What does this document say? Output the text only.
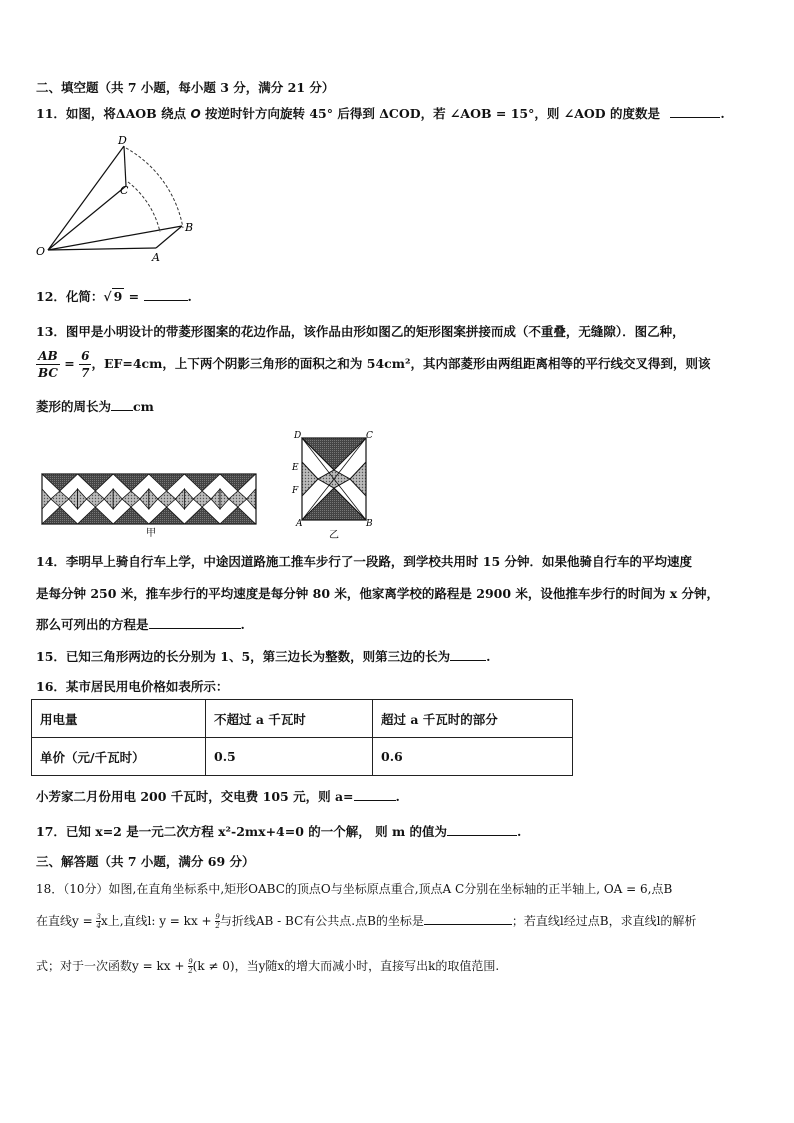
二、填空题（共 7 小题，每小题 3 分，满分 21 分）
11．如图，将ΔAOB 绕点 O 按逆时针方向旋转 45° 后得到 ΔCOD，若 ∠AOB = 15°，则 ∠AOD 的度数是	.
D
C
B
O	A
12．化简：√ 9 =	.
13．图甲是小明设计的带菱形图案的花边作品，该作品由形如图乙的矩形图案拼接而成（不重叠，无缝隙）．图乙种，
$\frac{AB}{BC} = \frac{6}{7}$ ，EF=4cm，上下两个阴影三角形的面积之和为 54cm²，其内部菱形由两组距离相等的平行线交叉得到，则该
菱形的周长为 cm
甲
D	C
E
F
A	B
乙
14．李明早上骑自行车上学，中途因道路施工推车步行了一段路，到学校共用时 15 分钟．如果他骑自行车的平均速度
是每分钟 250 米，推车步行的平均速度是每分钟 80 米，他家离学校的路程是 2900 米，设他推车步行的时间为 x 分钟，
那么可列出的方程是	.
15．已知三角形两边的长分别为 1、5，第三边长为整数，则第三边的长为	.
16．某市居民用电价格如表所示：
用电量	不超过 a 千瓦时	超过 a 千瓦时的部分
单价（元/千瓦时）	0.5	0.6
小芳家二月份用电 200 千瓦时，交电费 105 元，则 a=	.
17．已知 x=2 是一元二次方程 x²-2mx+4=0 的一个解， 则 m 的值为	.
三、解答题（共 7 小题，满分 69 分）
18．（10分）如图,在直角坐标系中,矩形OABC的顶点O与坐标原点重合,顶点A C分别在坐标轴的正半轴上, OA = 6,点B
在直线$y = \frac{3}{4}$ x上,直线l: y = kx + $\frac{9}{2}$ 与折线AB - BC有公共点.点B的坐标是	；若直线l经过点B，求直线l的解析
式；对于一次函数y = kx + $\frac{9}{2} (k \ne 0)$，当y随x的增大而减小时，直接写出k的取值范围.
